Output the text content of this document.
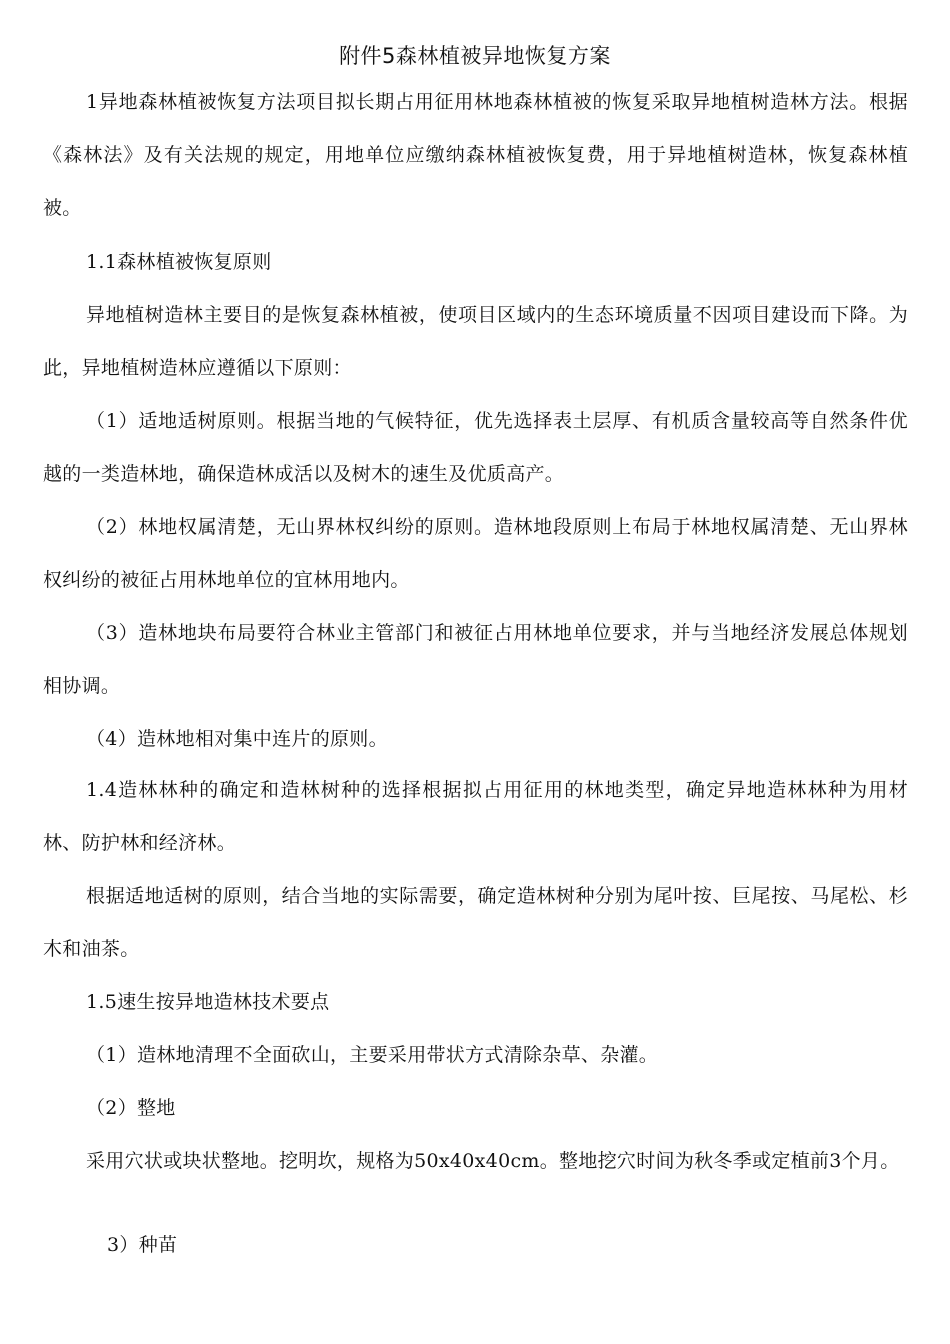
附件5森林植被异地恢复方案
1异地森林植被恢复方法项目拟长期占用征用林地森林植被的恢复采取异地植树造林方法。根据《森林法》及有关法规的规定，用地单位应缴纳森林植被恢复费，用于异地植树造林，恢复森林植被。
1.1森林植被恢复原则
异地植树造林主要目的是恢复森林植被，使项目区域内的生态环境质量不因项目建设而下降。为此，异地植树造林应遵循以下原则：
（1）适地适树原则。根据当地的气候特征，优先选择表土层厚、有机质含量较高等自然条件优越的一类造林地，确保造林成活以及树木的速生及优质高产。
（2）林地权属清楚，无山界林权纠纷的原则。造林地段原则上布局于林地权属清楚、无山界林权纠纷的被征占用林地单位的宜林用地内。
（3）造林地块布局要符合林业主管部门和被征占用林地单位要求，并与当地经济发展总体规划相协调。
（4）造林地相对集中连片的原则。
1.4造林林种的确定和造林树种的选择根据拟占用征用的林地类型，确定异地造林林种为用材林、防护林和经济林。
根据适地适树的原则，结合当地的实际需要，确定造林树种分别为尾叶按、巨尾按、马尾松、杉木和油茶。
1.5速生按异地造林技术要点
（1）造林地清理不全面砍山，主要采用带状方式清除杂草、杂灌。
（2）整地
采用穴状或块状整地。挖明坎，规格为50x40x40cm。整地挖穴时间为秋冬季或定植前3个月。
3）种苗
